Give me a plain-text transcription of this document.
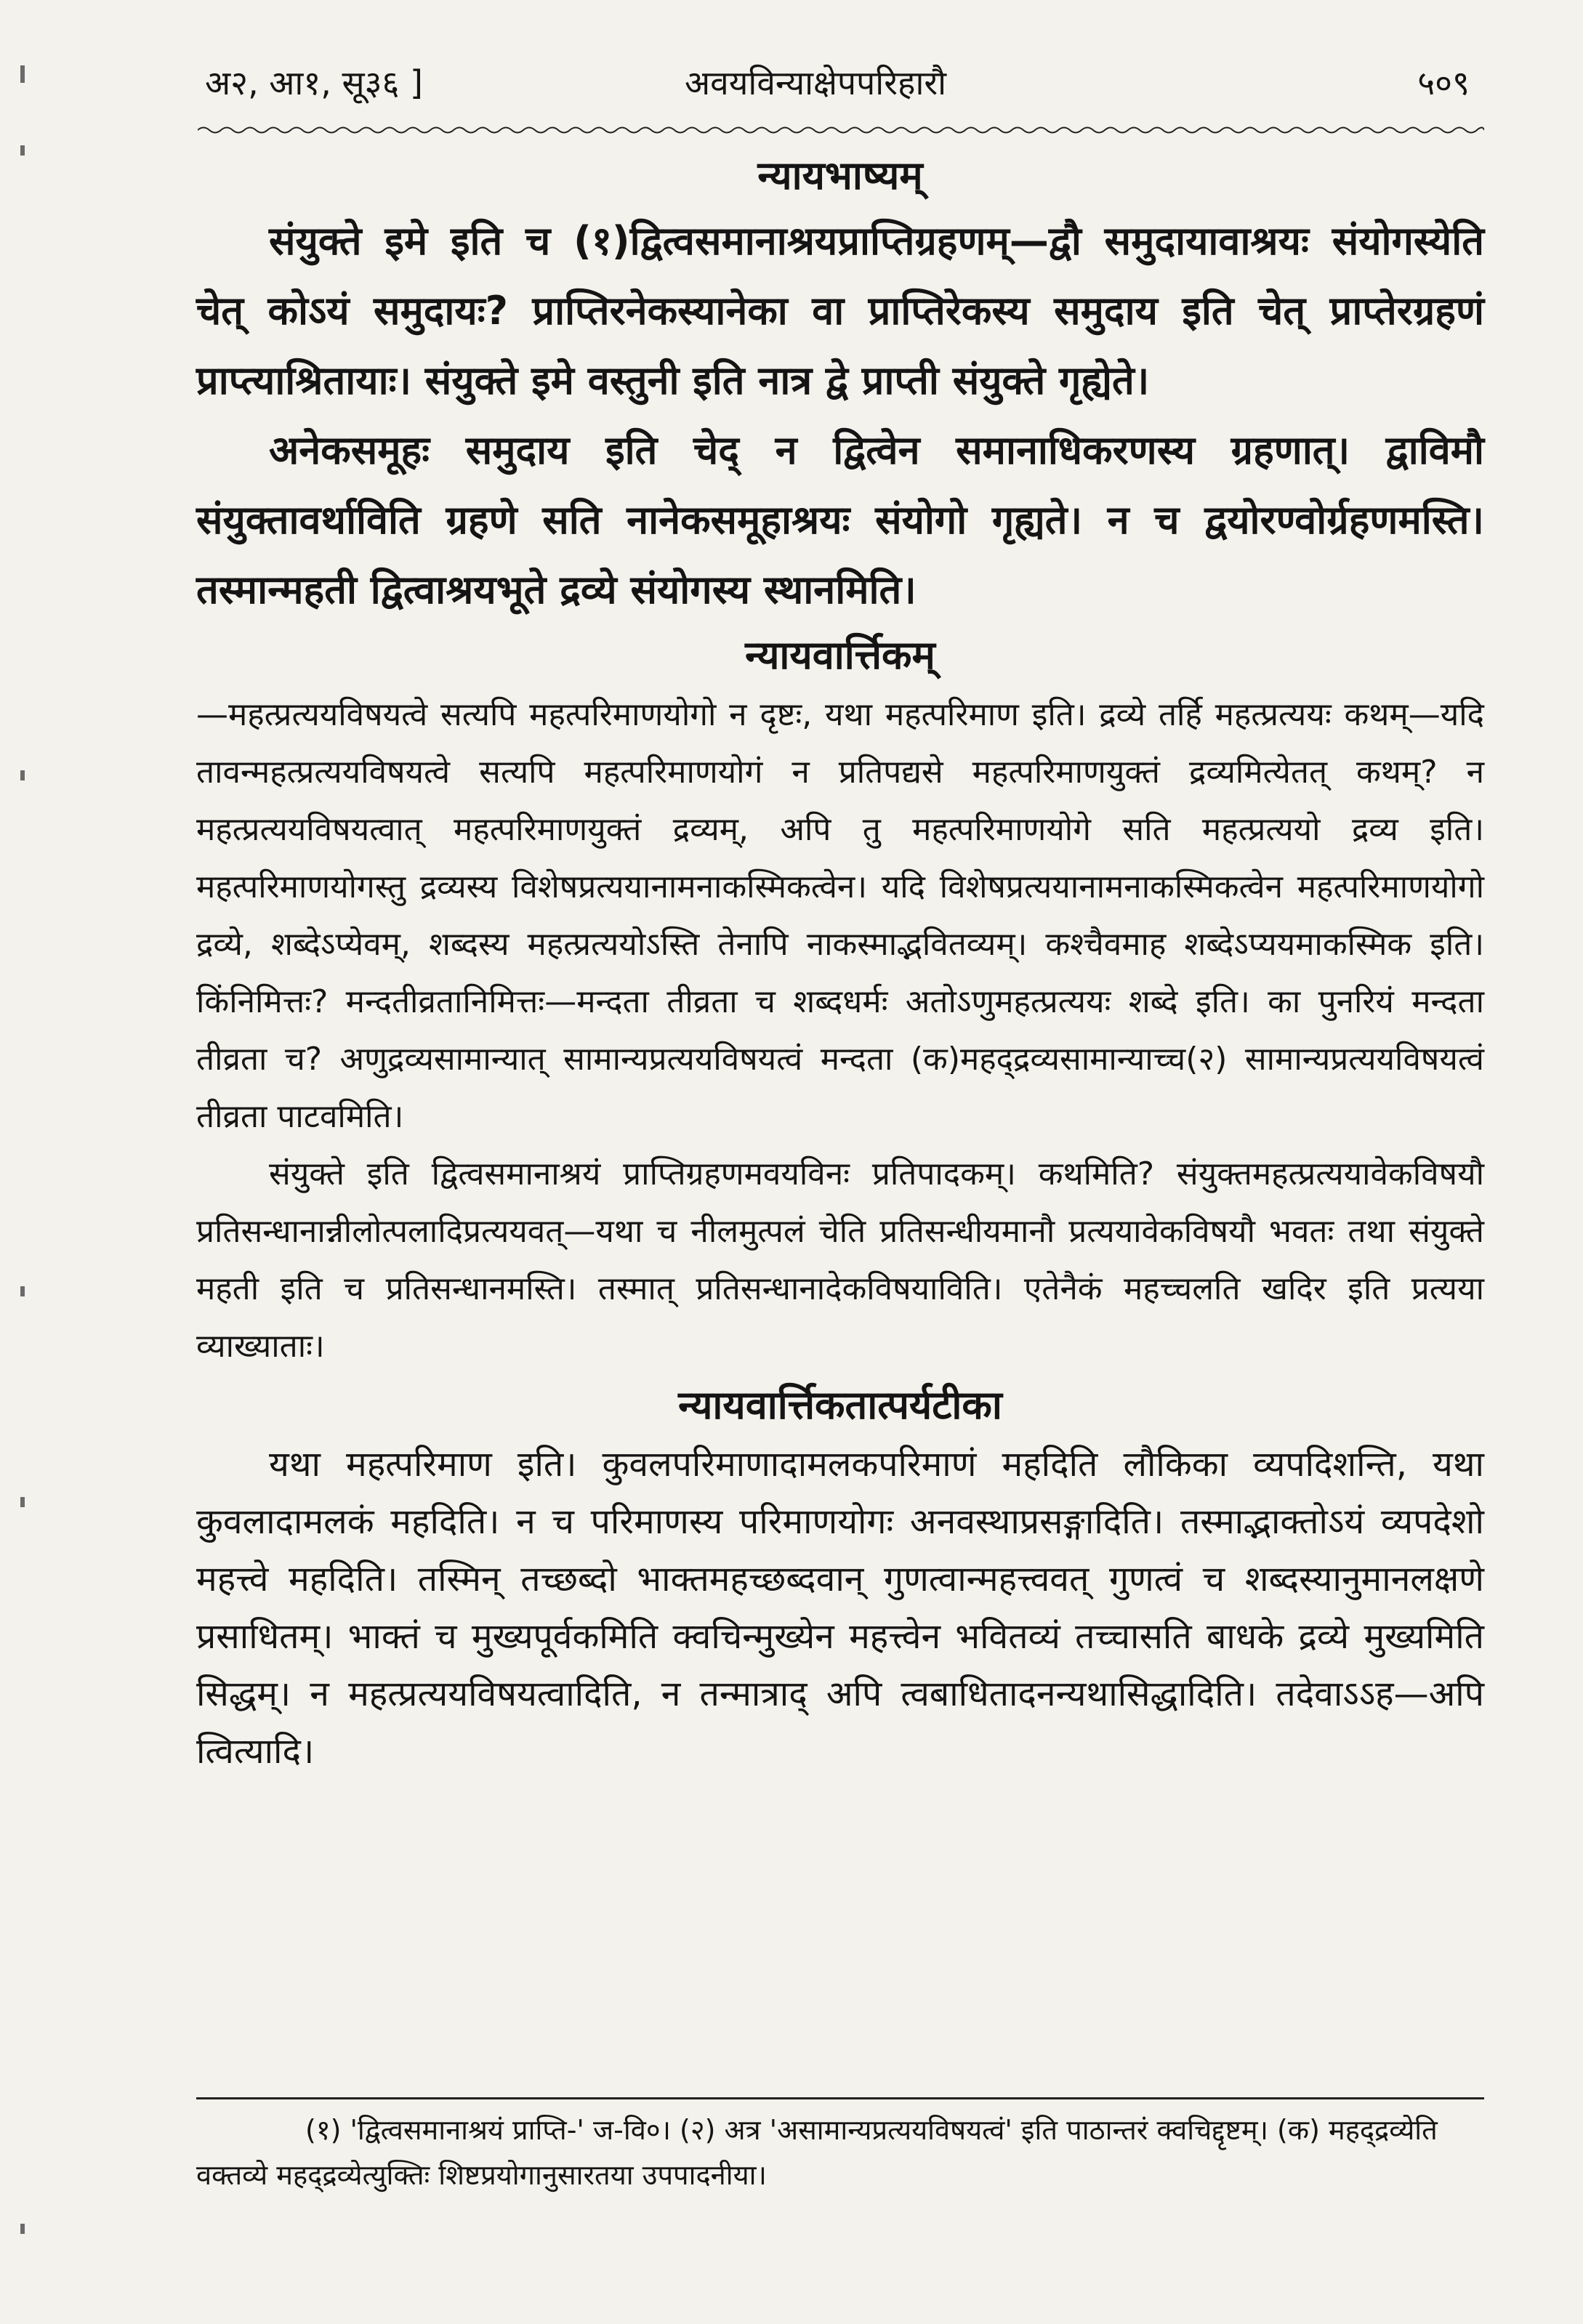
अ२, आ१, सू३६ ]	अवयविन्याक्षेपपरिहारौ	५०९
न्यायभाष्यम्

संयुक्ते इमे इति च (१)द्वित्वसमानाश्रयप्राप्तिग्रहणम्—द्वौ समुदायावाश्रयः संयोगस्येति चेत् कोऽयं समुदायः? प्राप्तिरनेकस्यानेका वा प्राप्तिरेकस्य समुदाय इति चेत् प्राप्तेरग्रहणं प्राप्त्याश्रितायाः। संयुक्ते इमे वस्तुनी इति नात्र द्वे प्राप्ती संयुक्ते गृह्येते।

अनेकसमूहः समुदाय इति चेद् न द्वित्वेन समानाधिकरणस्य ग्रहणात्। द्वाविमौ संयुक्तावर्थाविति ग्रहणे सति नानेकसमूहाश्रयः संयोगो गृह्यते। न च द्वयोरण्वोर्ग्रहणमस्ति। तस्मान्महती द्वित्वाश्रयभूते द्रव्ये संयोगस्य स्थानमिति।

न्यायवार्त्तिकम्

—महत्प्रत्ययविषयत्वे सत्यपि महत्परिमाणयोगो न दृष्टः, यथा महत्परिमाण इति। द्रव्ये तर्हि महत्प्रत्ययः कथम्—यदि तावन्महत्प्रत्ययविषयत्वे सत्यपि महत्परिमाणयोगं न प्रतिपद्यसे महत्परिमाणयुक्तं द्रव्यमित्येतत् कथम्? न महत्प्रत्ययविषयत्वात् महत्परिमाणयुक्तं द्रव्यम्, अपि तु महत्परिमाणयोगे सति महत्प्रत्ययो द्रव्य इति। महत्परिमाणयोगस्तु द्रव्यस्य विशेषप्रत्ययानामनाकस्मिकत्वेन। यदि विशेषप्रत्ययानामनाकस्मिकत्वेन महत्परिमाणयोगो द्रव्ये, शब्देऽप्येवम्, शब्दस्य महत्प्रत्ययोऽस्ति तेनापि नाकस्माद्भवितव्यम्। कश्चैवमाह शब्देऽप्ययमाकस्मिक इति। किंनिमित्तः? मन्दतीव्रतानिमित्तः—मन्दता तीव्रता च शब्दधर्मः अतोऽणुमहत्प्रत्ययः शब्दे इति। का पुनरियं मन्दता तीव्रता च? अणुद्रव्यसामान्यात् सामान्यप्रत्ययविषयत्वं मन्दता (क)महद्द्रव्यसामान्याच्च(२) सामान्यप्रत्ययविषयत्वं तीव्रता पाटवमिति।

संयुक्ते इति द्वित्वसमानाश्रयं प्राप्तिग्रहणमवयविनः प्रतिपादकम्। कथमिति? संयुक्तमहत्प्रत्ययावेकविषयौ प्रतिसन्धानान्नीलोत्पलादिप्रत्ययवत्—यथा च नीलमुत्पलं चेति प्रतिसन्धीयमानौ प्रत्ययावेकविषयौ भवतः तथा संयुक्ते महती इति च प्रतिसन्धानमस्ति। तस्मात् प्रतिसन्धानादेकविषयाविति। एतेनैकं महच्चलति खदिर इति प्रत्यया व्याख्याताः।

न्यायवार्त्तिकतात्पर्यटीका

यथा महत्परिमाण इति। कुवलपरिमाणादामलकपरिमाणं महदिति लौकिका व्यपदिशन्ति, यथा कुवलादामलकं महदिति। न च परिमाणस्य परिमाणयोगः अनवस्थाप्रसङ्गादिति। तस्माद्भाक्तोऽयं व्यपदेशो महत्त्वे महदिति। तस्मिन् तच्छब्दो भाक्तमहच्छब्दवान् गुणत्वान्महत्त्ववत् गुणत्वं च शब्दस्यानुमानलक्षणे प्रसाधितम्। भाक्तं च मुख्यपूर्वकमिति क्वचिन्मुख्येन महत्त्वेन भवितव्यं तच्चासति बाधके द्रव्ये मुख्यमिति सिद्धम्। न महत्प्रत्ययविषयत्वादिति, न तन्मात्राद् अपि त्वबाधितादनन्यथासिद्धादिति। तदेवाऽऽह—अपि त्वित्यादि।

(१) 'द्वित्वसमानाश्रयं प्राप्ति-' ज-वि०। (२) अत्र 'असामान्यप्रत्ययविषयत्वं' इति पाठान्तरं क्वचिद्दृष्टम्। (क) महद्द्रव्येति वक्तव्ये महद्द्रव्येत्युक्तिः शिष्टप्रयोगानुसारतया उपपादनीया।
